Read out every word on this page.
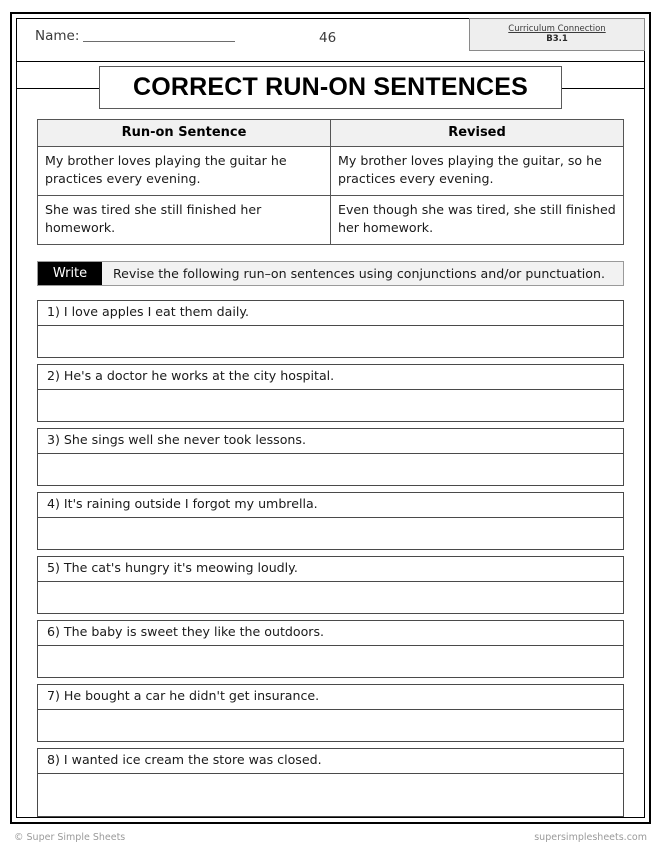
Name:	46
Curriculum Connection
B3.1
CORRECT RUN-ON SENTENCES
Run-on Sentence	Revised
My brother loves playing the guitar he practices every evening.	My brother loves playing the guitar, so he practices every evening.
She was tired she still finished her homework.	Even though she was tired, she still finished her homework.
Write	Revise the following run–on sentences using conjunctions and/or punctuation.
1) I love apples I eat them daily.
2) He's a doctor he works at the city hospital.
3) She sings well she never took lessons.
4) It's raining outside I forgot my umbrella.
5) The cat's hungry it's meowing loudly.
6) The baby is sweet they like the outdoors.
7) He bought a car he didn't get insurance.
8) I wanted ice cream the store was closed.
© Super Simple Sheets	supersimplesheets.com
